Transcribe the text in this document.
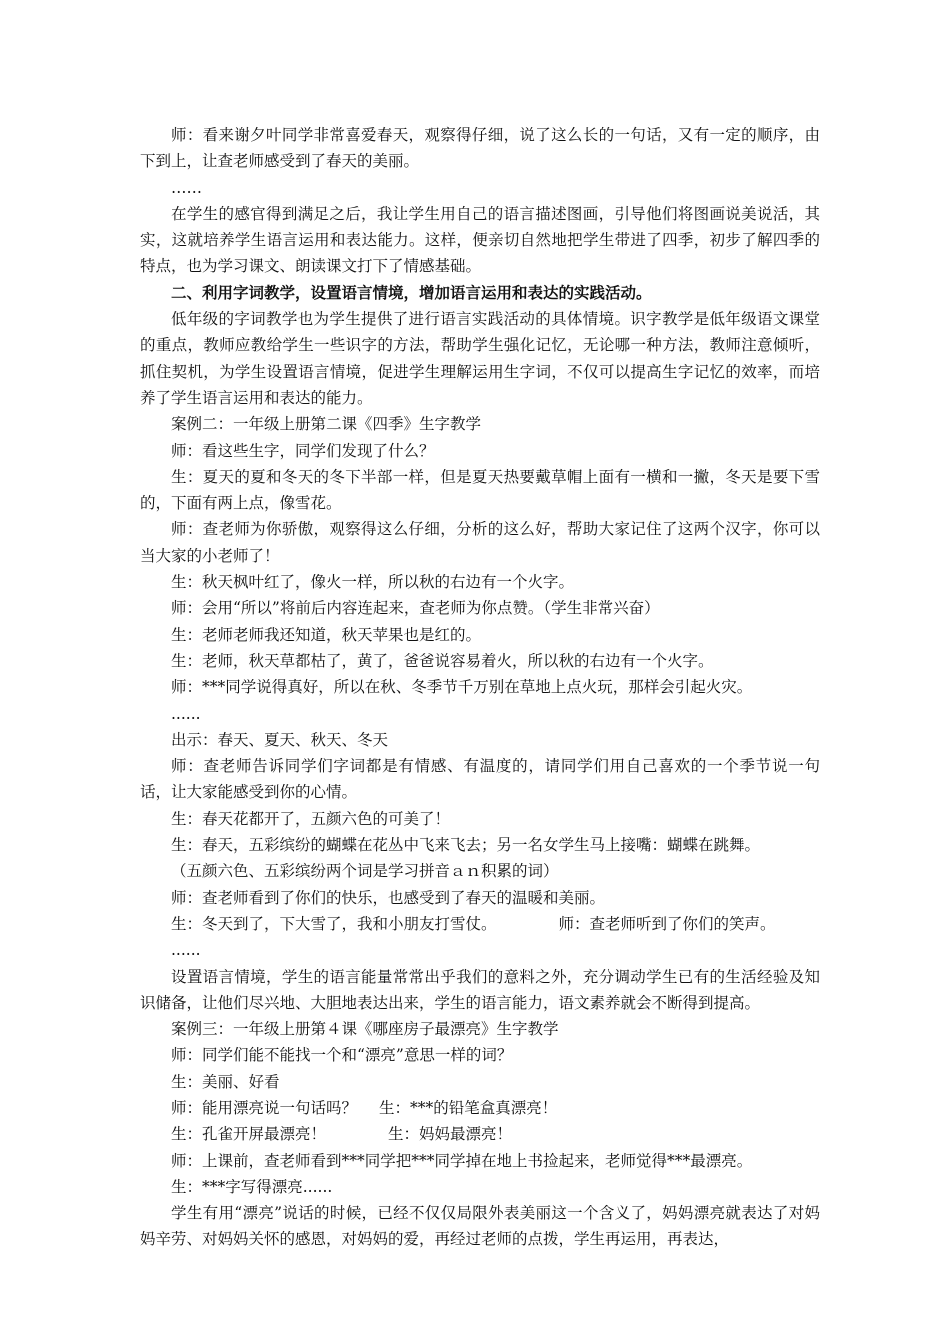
师：看来谢夕叶同学非常喜爱春天，观察得仔细，说了这么长的一句话，又有一定的顺序，由下到上，让查老师感受到了春天的美丽。

……

在学生的感官得到满足之后，我让学生用自己的语言描述图画，引导他们将图画说美说活，其实，这就培养学生语言运用和表达能力。这样，便亲切自然地把学生带进了四季，初步了解四季的特点，也为学习课文、朗读课文打下了情感基础。

二、利用字词教学，设置语言情境，增加语言运用和表达的实践活动。

低年级的字词教学也为学生提供了进行语言实践活动的具体情境。识字教学是低年级语文课堂的重点，教师应教给学生一些识字的方法，帮助学生强化记忆，无论哪一种方法，教师注意倾听，抓住契机，为学生设置语言情境，促进学生理解运用生字词，不仅可以提高生字记忆的效率，而培养了学生语言运用和表达的能力。

案例二：一年级上册第二课《四季》生字教学

师：看这些生字，同学们发现了什么？

生：夏天的夏和冬天的冬下半部一样，但是夏天热要戴草帽上面有一横和一撇，冬天是要下雪的，下面有两上点，像雪花。

师：查老师为你骄傲，观察得这么仔细，分析的这么好，帮助大家记住了这两个汉字，你可以当大家的小老师了！

生：秋天枫叶红了，像火一样，所以秋的右边有一个火字。

师：会用“所以”将前后内容连起来，查老师为你点赞。（学生非常兴奋）

生：老师老师我还知道，秋天苹果也是红的。

生：老师，秋天草都枯了，黄了，爸爸说容易着火，所以秋的右边有一个火字。

师：***同学说得真好，所以在秋、冬季节千万别在草地上点火玩，那样会引起火灾。

......

出示：春天、夏天、秋天、冬天

师：查老师告诉同学们字词都是有情感、有温度的，请同学们用自己喜欢的一个季节说一句话，让大家能感受到你的心情。

生：春天花都开了，五颜六色的可美了！

生：春天，五彩缤纷的蝴蝶在花丛中飞来飞去；另一名女学生马上接嘴：蝴蝶在跳舞。

（五颜六色、五彩缤纷两个词是学习拼音ａｎ积累的词）

师：查老师看到了你们的快乐，也感受到了春天的温暖和美丽。

生：冬天到了，下大雪了，我和小朋友打雪仗。	师：查老师听到了你们的笑声。

......

设置语言情境，学生的语言能量常常出乎我们的意料之外，充分调动学生已有的生活经验及知识储备，让他们尽兴地、大胆地表达出来，学生的语言能力，语文素养就会不断得到提高。

案例三：一年级上册第４课《哪座房子最漂亮》生字教学

师：同学们能不能找一个和“漂亮”意思一样的词？

生：美丽、好看

师：能用漂亮说一句话吗？ 生：***的铅笔盒真漂亮！

生：孔雀开屏最漂亮！	生：妈妈最漂亮！

师：上课前，查老师看到***同学把***同学掉在地上书捡起来，老师觉得***最漂亮。

生：***字写得漂亮......

学生有用“漂亮”说话的时候，已经不仅仅局限外表美丽这一个含义了，妈妈漂亮就表达了对妈妈辛劳、对妈妈关怀的感恩，对妈妈的爱，再经过老师的点拨，学生再运用，再表达，
